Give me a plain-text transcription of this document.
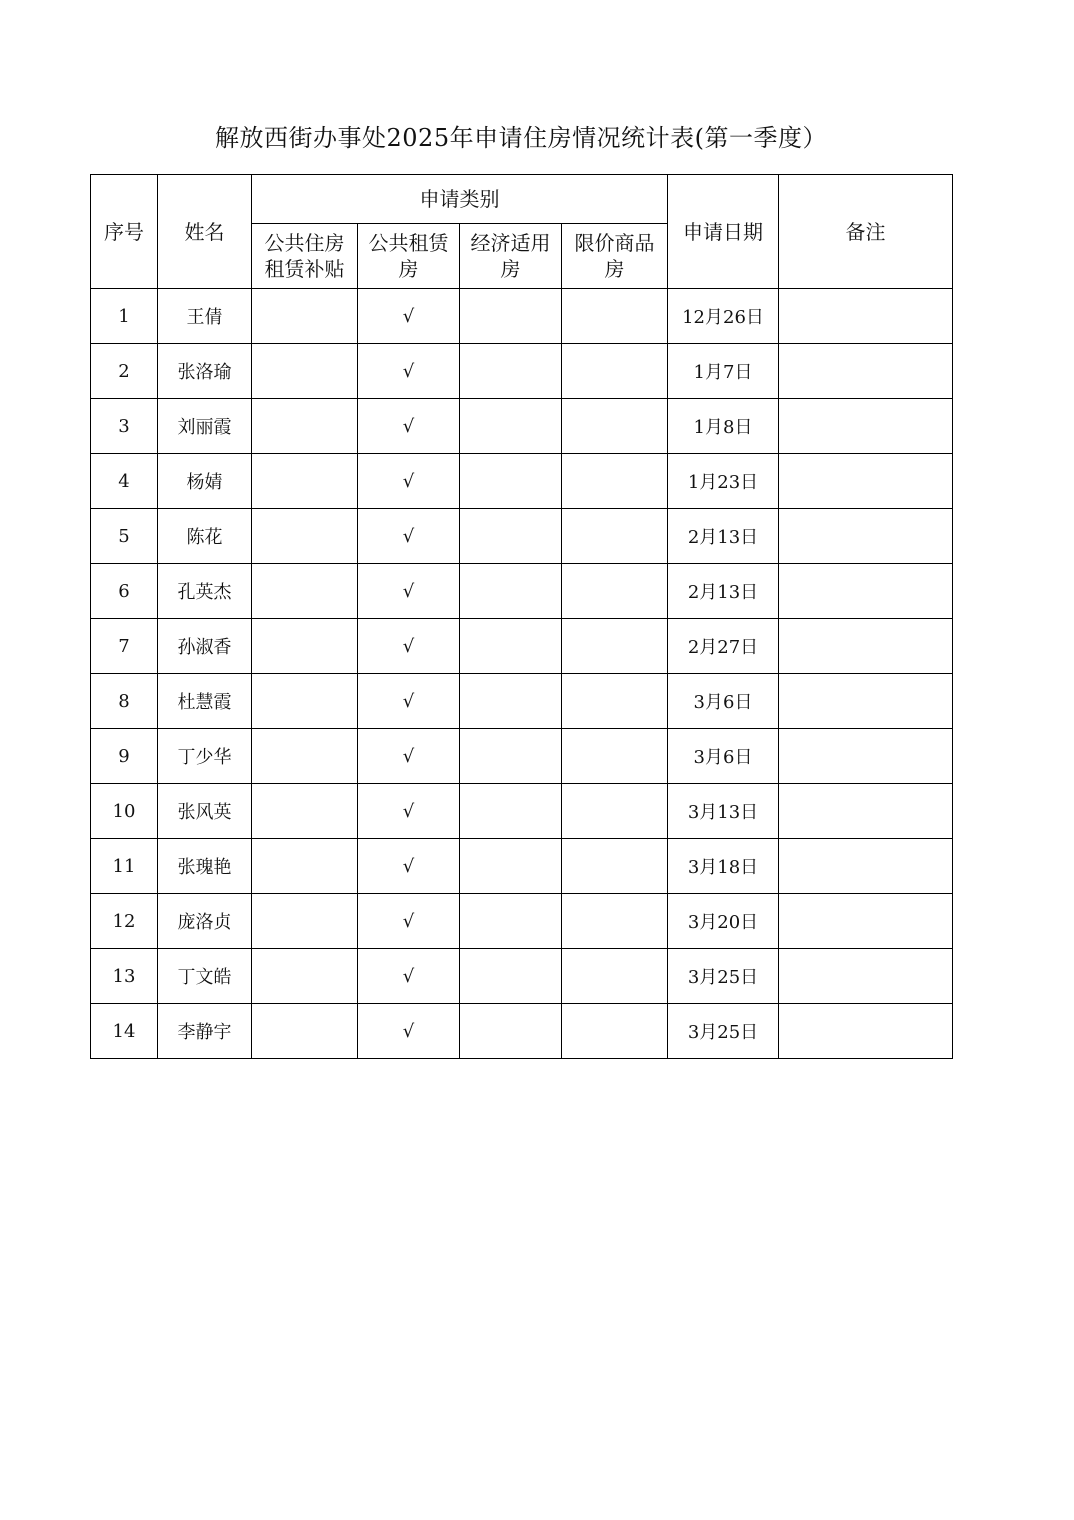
解放西街办事处2025年申请住房情况统计表(第一季度）
序号	姓名	申请类别				申请日期	备注
		公共住房租赁补贴	公共租赁房	经济适用房	限价商品房		
1	王倩		√			12月26日	
2	张洛瑜		√			1月7日	
3	刘丽霞		√			1月8日	
4	杨婧		√			1月23日	
5	陈花		√			2月13日	
6	孔英杰		√			2月13日	
7	孙淑香		√			2月27日	
8	杜慧霞		√			3月6日	
9	丁少华		√			3月6日	
10	张风英		√			3月13日	
11	张瑰艳		√			3月18日	
12	庞洛贞		√			3月20日	
13	丁文皓		√			3月25日	
14	李静宇		√			3月25日	
